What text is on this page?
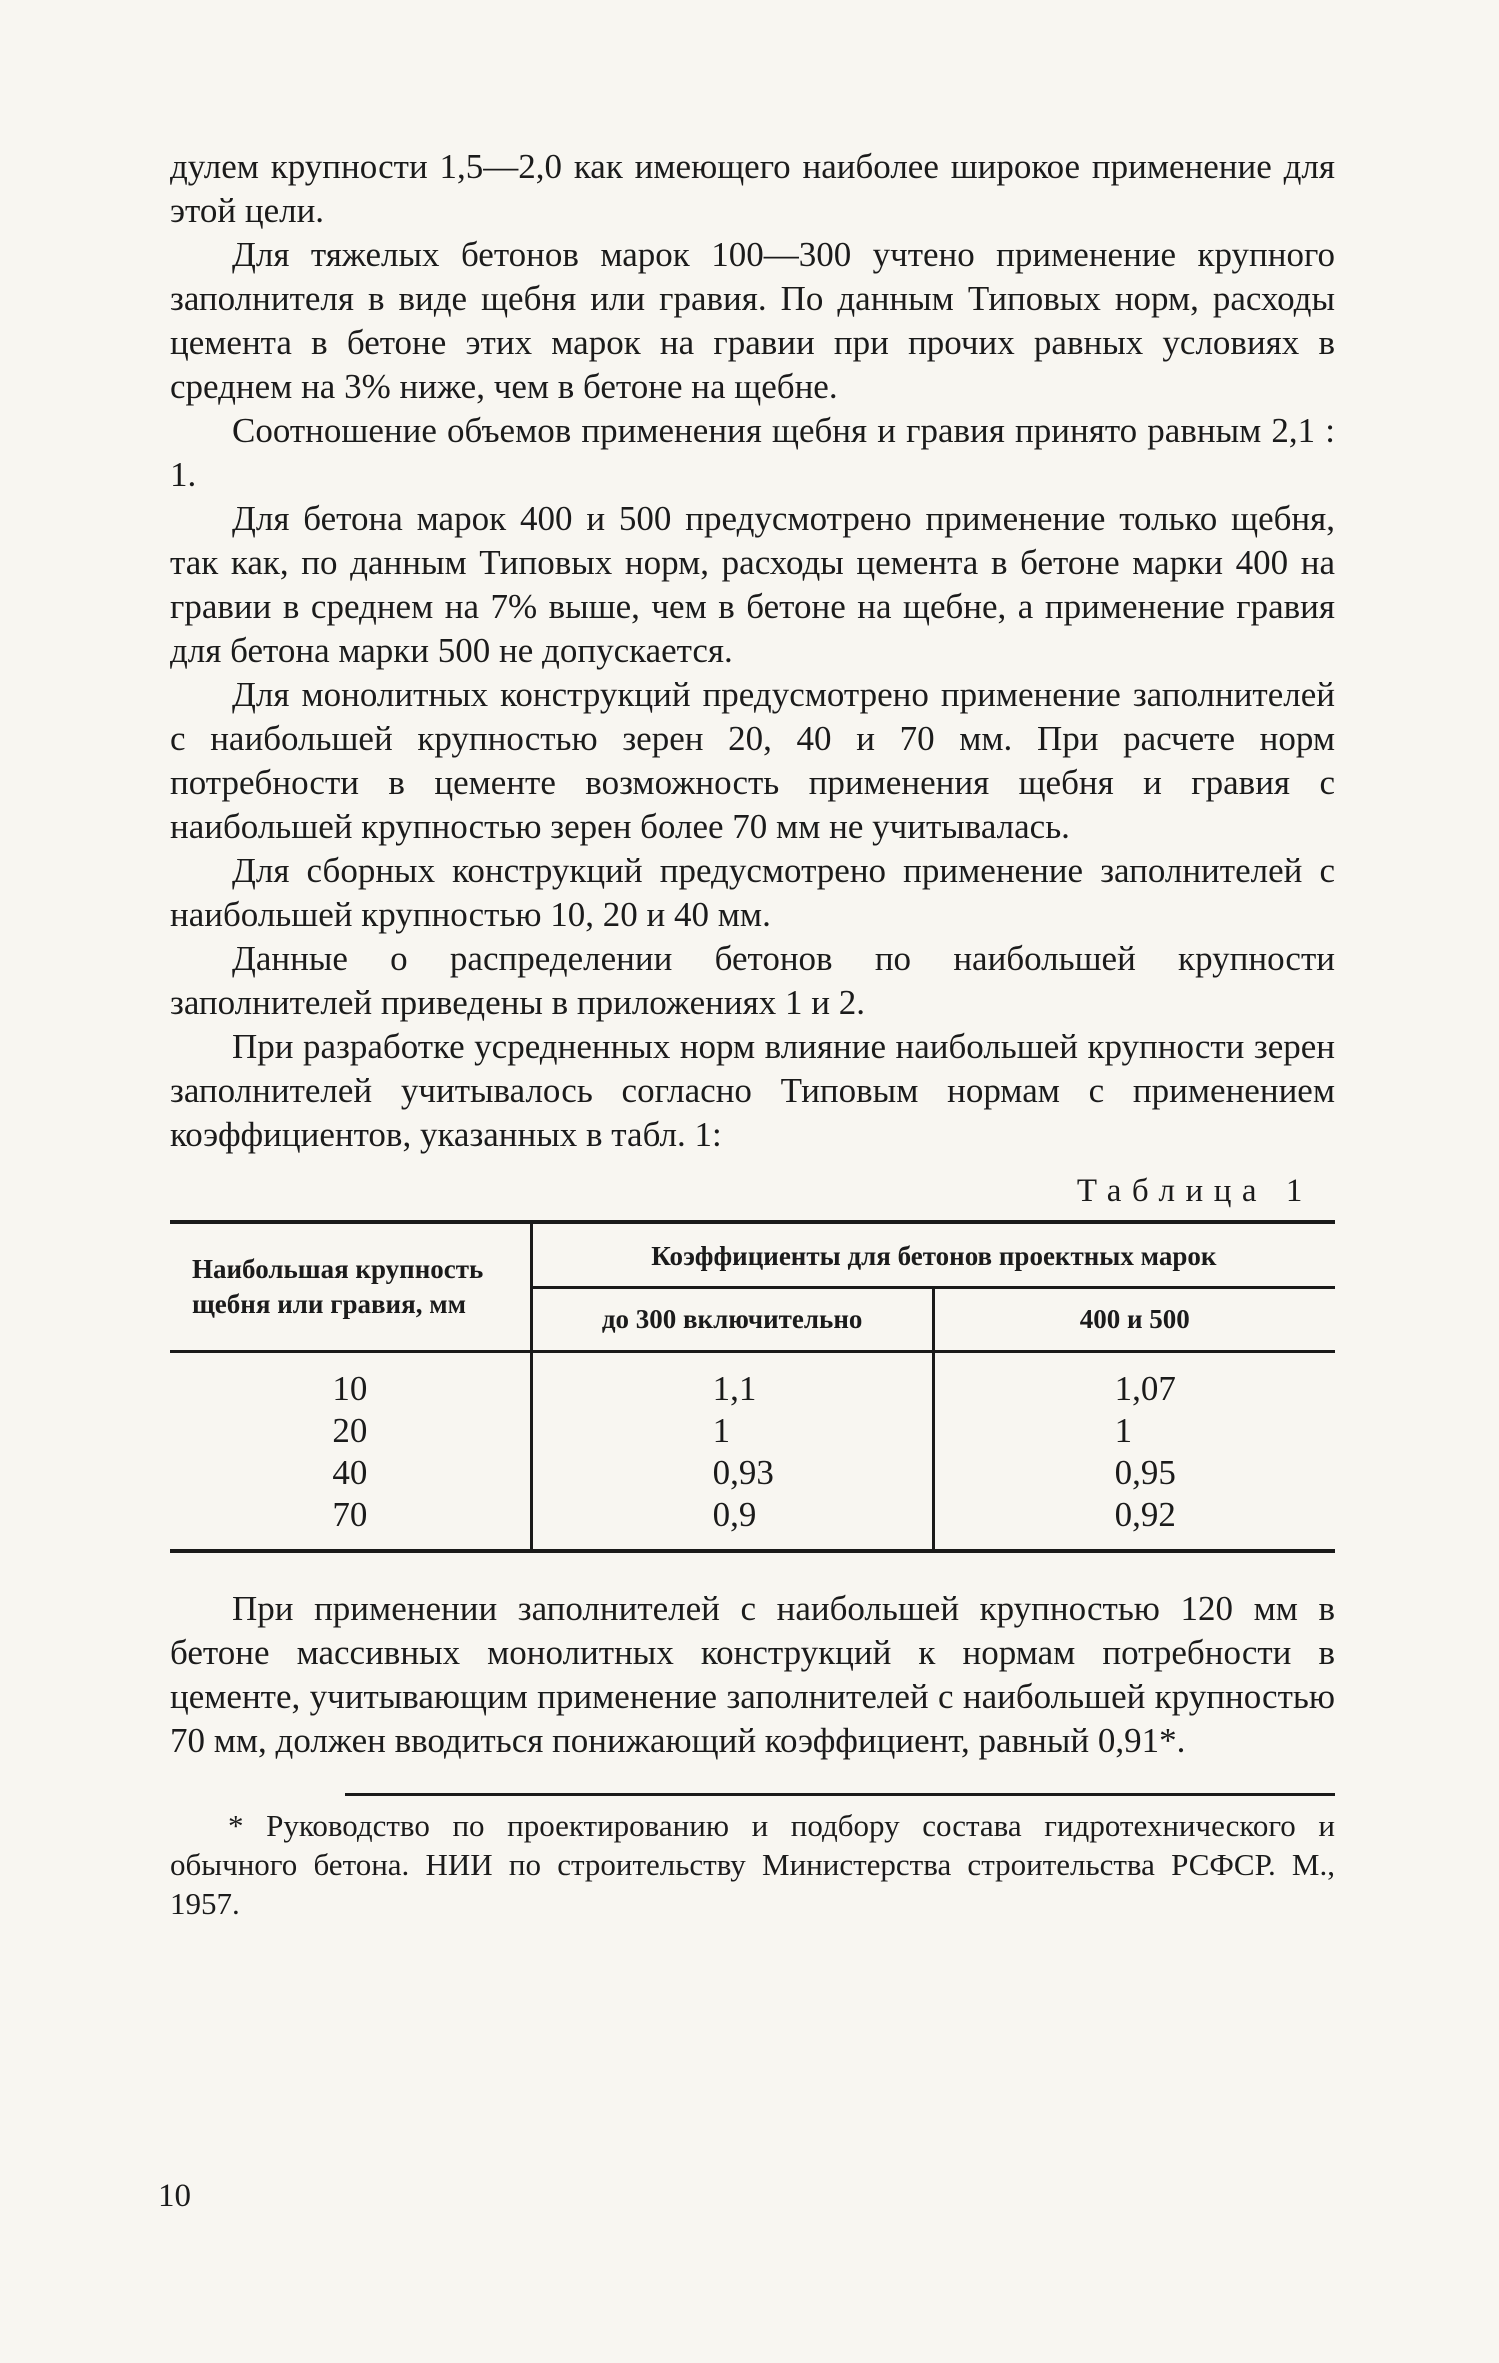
дулем крупности 1,5—2,0 как имеющего наиболее широкое применение для этой цели.

Для тяжелых бетонов марок 100—300 учтено применение крупного заполнителя в виде щебня или гравия. По данным Типовых норм, расходы цемента в бетоне этих марок на гравии при прочих равных условиях в среднем на 3% ниже, чем в бетоне на щебне.

Соотношение объемов применения щебня и гравия принято равным 2,1 : 1.

Для бетона марок 400 и 500 предусмотрено применение только щебня, так как, по данным Типовых норм, расходы цемента в бетоне марки 400 на гравии в среднем на 7% выше, чем в бетоне на щебне, а применение гравия для бетона марки 500 не допускается.

Для монолитных конструкций предусмотрено применение заполнителей с наибольшей крупностью зерен 20, 40 и 70 мм. При расчете норм потребности в цементе возможность применения щебня и гравия с наибольшей крупностью зерен более 70 мм не учитывалась.

Для сборных конструкций предусмотрено применение заполнителей с наибольшей крупностью 10, 20 и 40 мм.

Данные о распределении бетонов по наибольшей крупности заполнителей приведены в приложениях 1 и 2.

При разработке усредненных норм влияние наибольшей крупности зерен заполнителей учитывалось согласно Типовым нормам с применением коэффициентов, указанных в табл. 1:

Таблица 1
Наибольшая крупность щебня или гравия, мм	Коэффициенты для бетонов проектных марок	
	до 300 включительно	400 и 500
10	1,1	1,07
20	1	1
40	0,93	0,95
70	0,9	0,92

При применении заполнителей с наибольшей крупностью 120 мм в бетоне массивных монолитных конструкций к нормам потребности в цементе, учитывающим применение заполнителей с наибольшей крупностью 70 мм, должен вводиться понижающий коэффициент, равный 0,91*.

* Руководство по проектированию и подбору состава гидротехнического и обычного бетона. НИИ по строительству Министерства строительства РСФСР. М., 1957.

10
